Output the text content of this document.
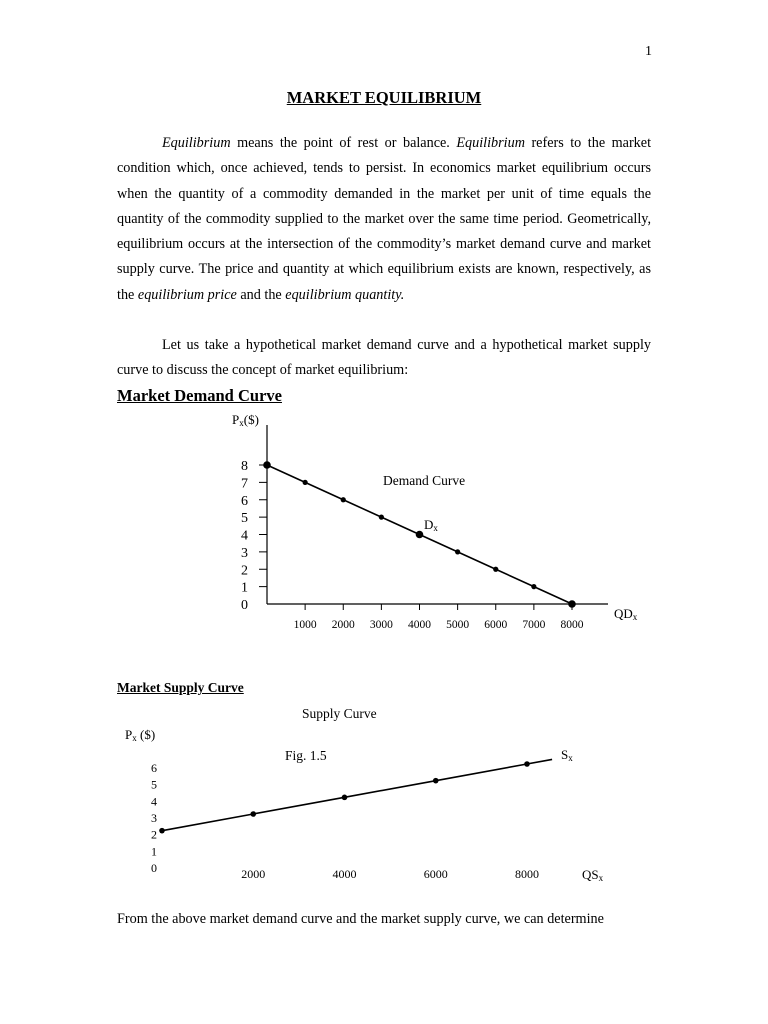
1
MARKET EQUILIBRIUM

Equilibrium means the point of rest or balance. Equilibrium refers to the market condition which, once achieved, tends to persist. In economics market equilibrium occurs when the quantity of a commodity demanded in the market per unit of time equals the quantity of the commodity supplied to the market over the same time period. Geometrically, equilibrium occurs at the intersection of the commodity’s market demand curve and market supply curve. The price and quantity at which equilibrium exists are known, respectively, as the equilibrium price and the equilibrium quantity.

Let us take a hypothetical market demand curve and a hypothetical market supply curve to discuss the concept of market equilibrium:

Market Demand Curve
Market Supply Curve

From the above market demand curve and the market supply curve, we can determine

0
1
2
3
4
5
6
7
8
1000 2000 3000 4000 5000 6000 7000 8000
Px($)
Demand Curve
Dx
QDx
0
1
2
3
4
5
6
2000	4000	6000	8000
Supply Curve
Fig. 1.5
Px ($)
Sx
QSx
